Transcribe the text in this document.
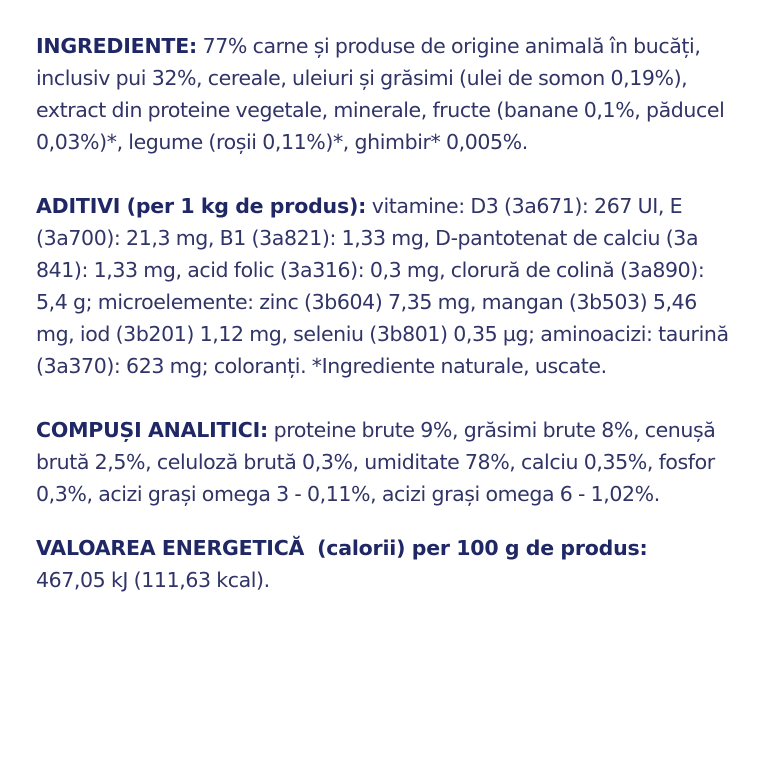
INGREDIENTE: 77% carne și produse de origine animală în bucăți, inclusiv pui 32%, cereale, uleiuri și grăsimi (ulei de somon 0,19%), extract din proteine vegetale, minerale, fructe (banane 0,1%, păducel 0,03%)*, legume (roșii 0,11%)*, ghimbir* 0,005%.

ADITIVI (per 1 kg de produs): vitamine: D3 (3a671): 267 UI, E (3a700): 21,3 mg, B1 (3a821): 1,33 mg, D-pantotenat de calciu (3a 841): 1,33 mg, acid folic (3a316): 0,3 mg, clorură de colină (3a890): 5,4 g; microelemente: zinc (3b604) 7,35 mg, mangan (3b503) 5,46 mg, iod (3b201) 1,12 mg, seleniu (3b801) 0,35 µg; aminoacizi: taurină (3a370): 623 mg; coloranți. *Ingrediente naturale, uscate.

COMPUȘI ANALITICI: proteine brute 9%, grăsimi brute 8%, cenușă brută 2,5%, celuloză brută 0,3%, umiditate 78%, calciu 0,35%, fosfor 0,3%, acizi grași omega 3 - 0,11%, acizi grași omega 6 - 1,02%.

VALOAREA ENERGETICĂ  (calorii) per 100 g de produs:
467,05 kJ (111,63 kcal).
